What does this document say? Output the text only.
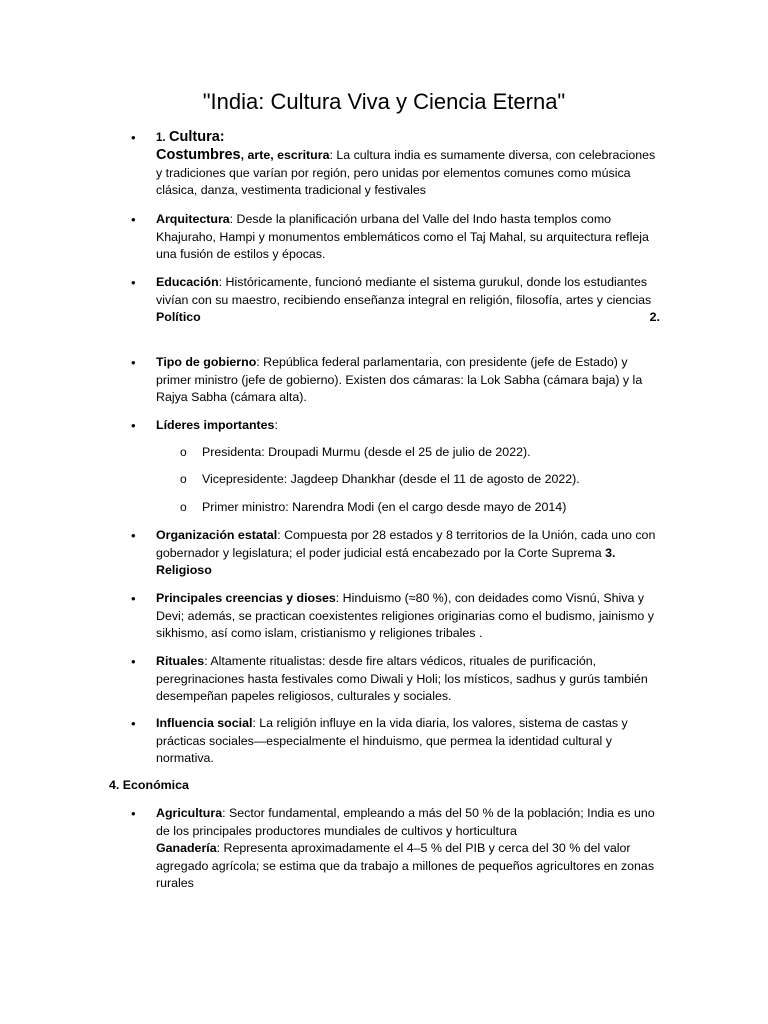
"India: Cultura Viva y Ciencia Eterna"
•	1. Cultura:
Costumbres, arte, escritura: La cultura india es sumamente diversa, con celebraciones y tradiciones que varían por región, pero unidas por elementos comunes como música clásica, danza, vestimenta tradicional y festivales
•	Arquitectura: Desde la planificación urbana del Valle del Indo hasta templos como Khajuraho, Hampi y monumentos emblemáticos como el Taj Mahal, su arquitectura refleja una fusión de estilos y épocas.

•	Educación: Históricamente, funcionó mediante el sistema gurukul, donde los estudiantes vivían con su maestro, recibiendo enseñanza integral en religión, filosofía, artes y ciencias
2.

Político

•	Tipo de gobierno: República federal parlamentaria, con presidente (jefe de Estado) y primer ministro (jefe de gobierno). Existen dos cámaras: la Lok Sabha (cámara baja) y la Rajya Sabha (cámara alta).

•	Líderes importantes:

o Presidenta: Droupadi Murmu (desde el 25 de julio de 2022).

o Vicepresidente: Jagdeep Dhankhar (desde el 11 de agosto de 2022).

o Primer ministro: Narendra Modi (en el cargo desde mayo de 2014)

•	Organización estatal: Compuesta por 28 estados y 8 territorios de la Unión, cada uno con gobernador y legislatura; el poder judicial está encabezado por la Corte Suprema 3. Religioso

•	Principales creencias y dioses: Hinduismo (≈80 %), con deidades como Visnú, Shiva y Devi; además, se practican coexistentes religiones originarias como el budismo, jainismo y sikhismo, así como islam, cristianismo y religiones tribales .

•	Rituales: Altamente ritualistas: desde fire altars védicos, rituales de purificación, peregrinaciones hasta festivales como Diwali y Holi; los místicos, sadhus y gurús también desempeñan papeles religiosos, culturales y sociales.

•	Influencia social: La religión influye en la vida diaria, los valores, sistema de castas y prácticas sociales—especialmente el hinduismo, que permea la identidad cultural y normativa.

4. Económica

•	Agricultura: Sector fundamental, empleando a más del 50 % de la población; India es uno de los principales productores mundiales de cultivos y horticultura
Ganadería: Representa aproximadamente el 4–5 % del PIB y cerca del 30 % del valor agregado agrícola; se estima que da trabajo a millones de pequeños agricultores en zonas rurales
